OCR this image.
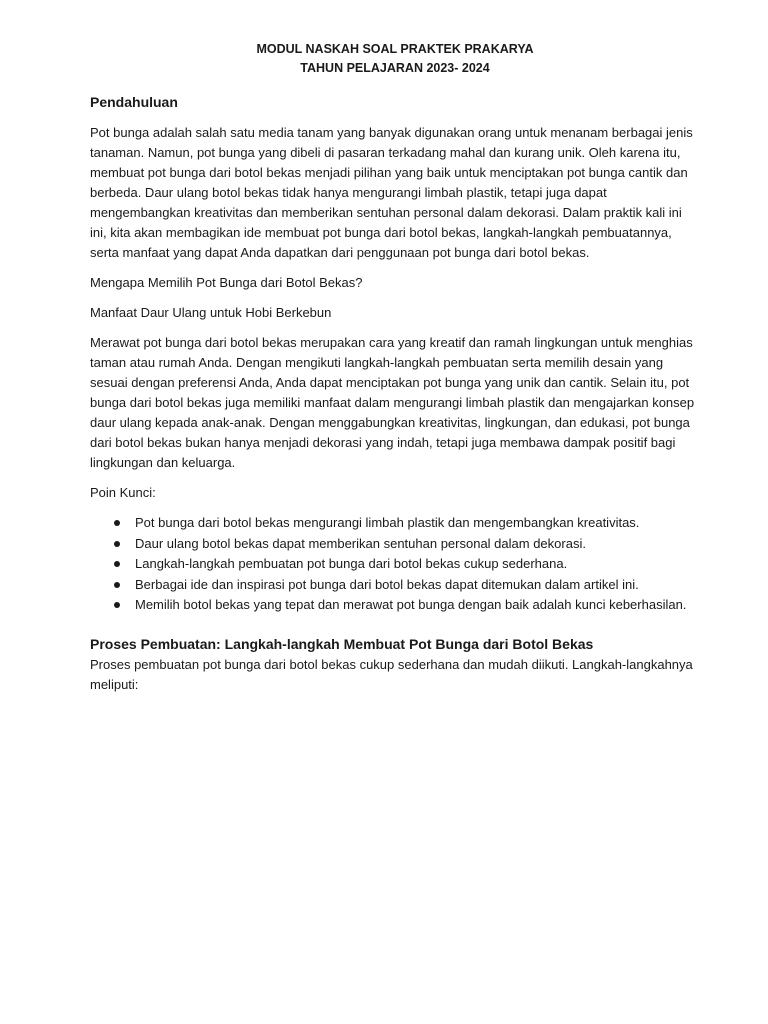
MODUL NASKAH SOAL PRAKTEK PRAKARYA
TAHUN PELAJARAN 2023- 2024
Pendahuluan

Pot bunga adalah salah satu media tanam yang banyak digunakan orang untuk menanam berbagai jenis tanaman. Namun, pot bunga yang dibeli di pasaran terkadang mahal dan kurang unik. Oleh karena itu, membuat pot bunga dari botol bekas menjadi pilihan yang baik untuk menciptakan pot bunga cantik dan berbeda. Daur ulang botol bekas tidak hanya mengurangi limbah plastik, tetapi juga dapat mengembangkan kreativitas dan memberikan sentuhan personal dalam dekorasi. Dalam praktik kali ini ini, kita akan membagikan ide membuat pot bunga dari botol bekas, langkah-langkah pembuatannya, serta manfaat yang dapat Anda dapatkan dari penggunaan pot bunga dari botol bekas.

Mengapa Memilih Pot Bunga dari Botol Bekas?
Manfaat Daur Ulang untuk Hobi Berkebun

Merawat pot bunga dari botol bekas merupakan cara yang kreatif dan ramah lingkungan untuk menghias taman atau rumah Anda. Dengan mengikuti langkah-langkah pembuatan serta memilih desain yang sesuai dengan preferensi Anda, Anda dapat menciptakan pot bunga yang unik dan cantik. Selain itu, pot bunga dari botol bekas juga memiliki manfaat dalam mengurangi limbah plastik dan mengajarkan konsep daur ulang kepada anak-anak. Dengan menggabungkan kreativitas, lingkungan, dan edukasi, pot bunga dari botol bekas bukan hanya menjadi dekorasi yang indah, tetapi juga membawa dampak positif bagi lingkungan dan keluarga.

Poin Kunci:
Pot bunga dari botol bekas mengurangi limbah plastik dan mengembangkan kreativitas.
Daur ulang botol bekas dapat memberikan sentuhan personal dalam dekorasi.
Langkah-langkah pembuatan pot bunga dari botol bekas cukup sederhana.
Berbagai ide dan inspirasi pot bunga dari botol bekas dapat ditemukan dalam artikel ini.
Memilih botol bekas yang tepat dan merawat pot bunga dengan baik adalah kunci keberhasilan.
Proses Pembuatan: Langkah-langkah Membuat Pot Bunga dari Botol Bekas

Proses pembuatan pot bunga dari botol bekas cukup sederhana dan mudah diikuti. Langkah-langkahnya meliputi:
